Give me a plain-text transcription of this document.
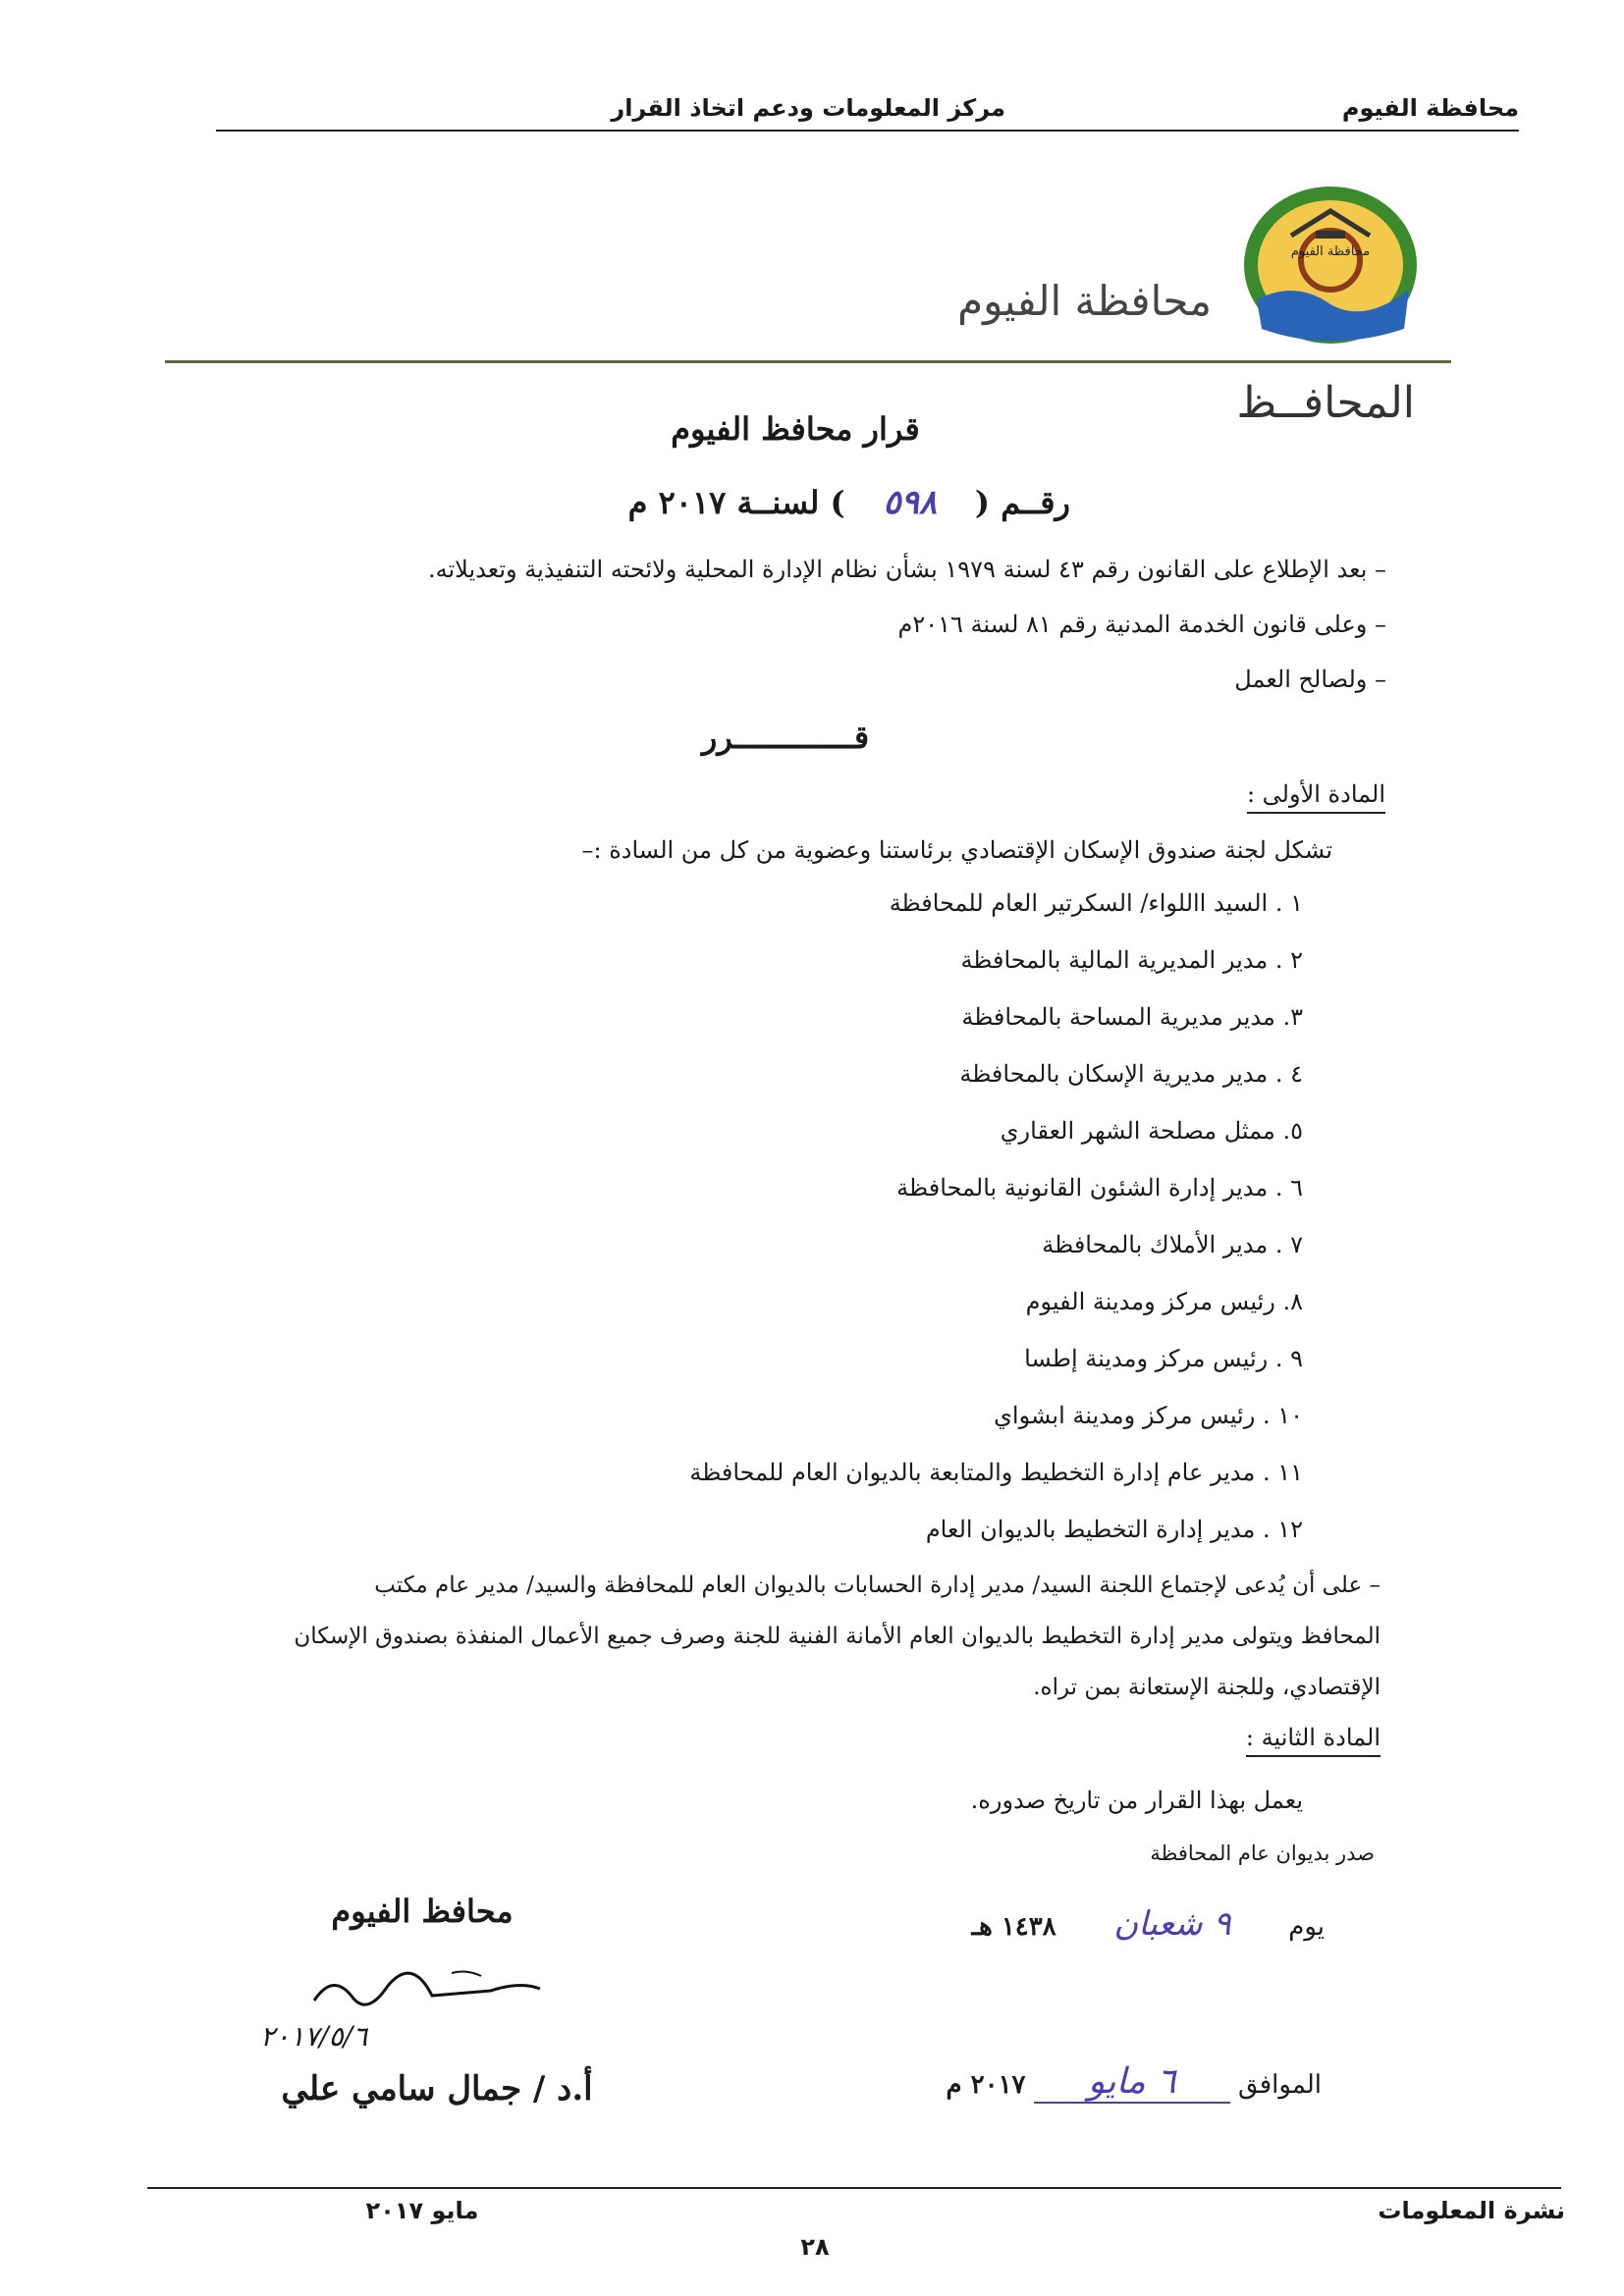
مركز المعلومات ودعم اتخاذ القرار	محافظة الفيوم
محافظة الفيوم
محافظة الفيوم
المحافــظ
قرار محافظ الفيوم
رقــم ( ٥٩٨ ) لسنــة ٢٠١٧ م
– بعد الإطلاع على القانون رقم ٤٣ لسنة ١٩٧٩ بشأن نظام الإدارة المحلية ولائحته التنفيذية وتعديلاته.
– وعلى قانون الخدمة المدنية رقم ٨١ لسنة ٢٠١٦م
– ولصالح العمل
قـــــــــــــرر
المادة الأولى :
تشكل لجنة صندوق الإسكان الإقتصادي برئاستنا وعضوية من كل من السادة :–
١ . السيد االلواء/ السكرتير العام للمحافظة
٢ . مدير المديرية المالية بالمحافظة
٣. مدير مديرية المساحة بالمحافظة
٤ . مدير مديرية الإسكان بالمحافظة
٥. ممثل مصلحة الشهر العقاري
٦ . مدير إدارة الشئون القانونية بالمحافظة
٧ . مدير الأملاك بالمحافظة
٨. رئيس مركز ومدينة الفيوم
٩ . رئيس مركز ومدينة إطسا
١٠ . رئيس مركز ومدينة ابشواي
١١ . مدير عام إدارة التخطيط والمتابعة بالديوان العام للمحافظة
١٢ . مدير إدارة التخطيط بالديوان العام
– على أن يُدعى لإجتماع اللجنة السيد/ مدير إدارة الحسابات بالديوان العام للمحافظة والسيد/ مدير عام مكتب
المحافظ ويتولى مدير إدارة التخطيط بالديوان العام الأمانة الفنية للجنة وصرف جميع الأعمال المنفذة بصندوق الإسكان
الإقتصادي، وللجنة الإستعانة بمن تراه.
المادة الثانية :
يعمل بهذا القرار من تاريخ صدوره.
صدر بديوان عام المحافظة
يوم ٩ شعبان ١٤٣٨ هـ
الموافق ٦ مايو ٢٠١٧ م
محافظ الفيوم
٢٠١٧/٥/٦
أ.د / جمال سامي علي
نشرة المعلومات
مايو ٢٠١٧
٢٨
